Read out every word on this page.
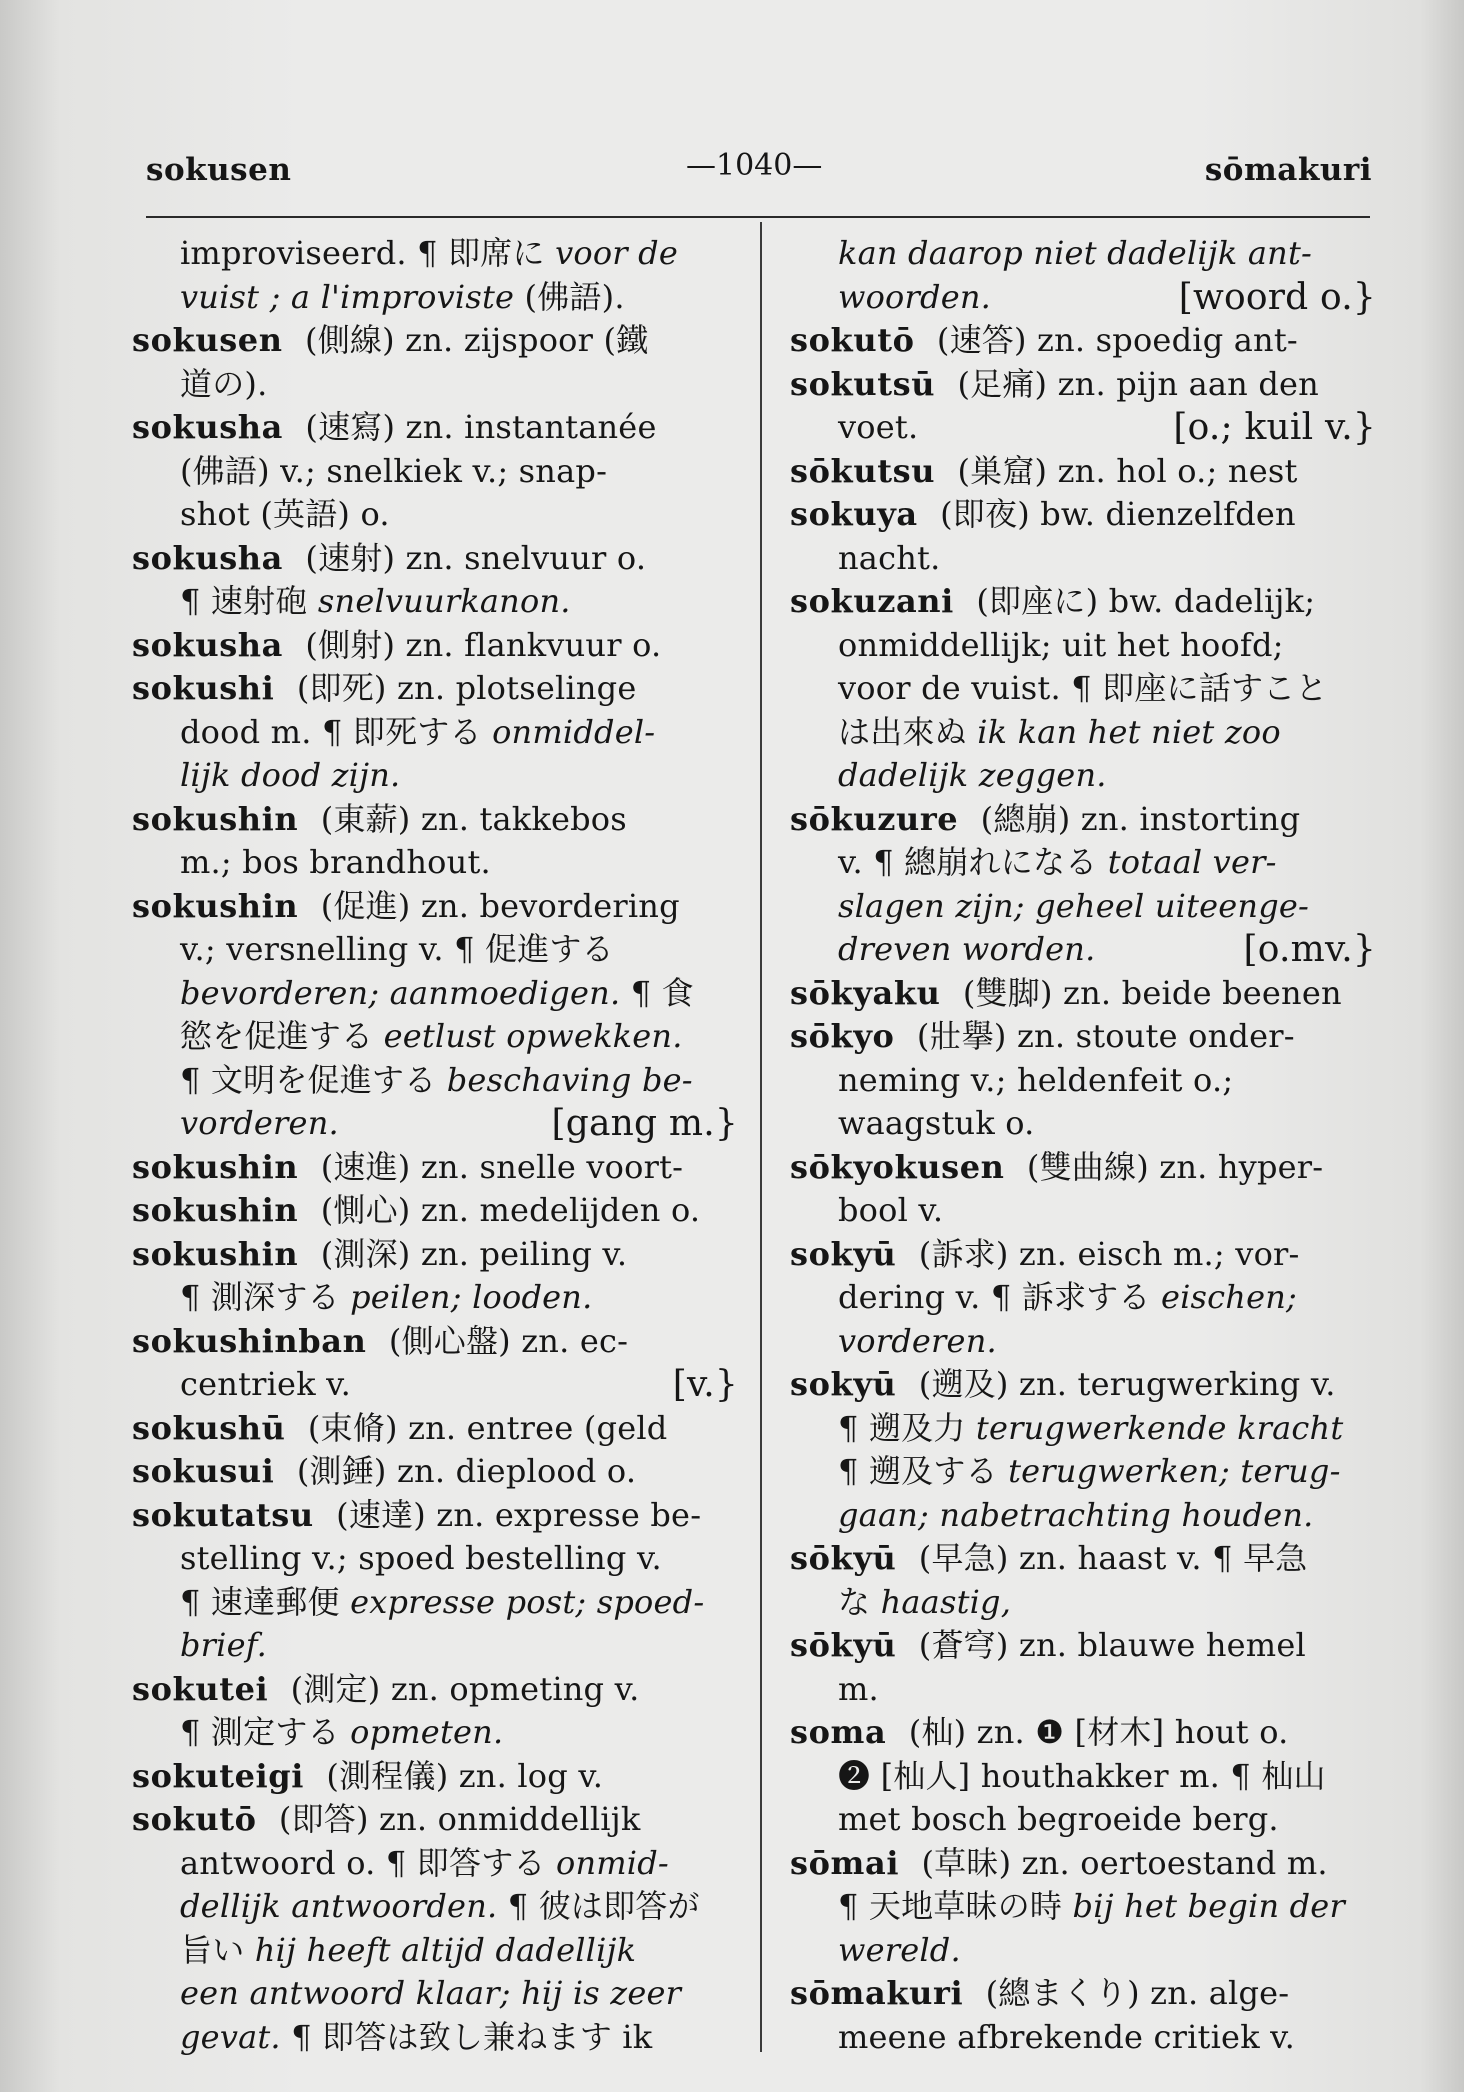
sokusen	—1040—	sōmakuri
improviseerd. ¶ 即席に voor de
vuist ; a l'improviste (佛語).
sokusen (側線) zn. zijspoor (鐵
道の).
sokusha (速寫) zn. instantanée
(佛語) v.; snelkiek v.; snap-
shot (英語) o.
sokusha (速射) zn. snelvuur o.
¶ 速射砲 snelvuurkanon.
sokusha (側射) zn. flankvuur o.
sokushi (即死) zn. plotselinge
dood m. ¶ 即死する onmiddel-
lijk dood zijn.
sokushin (東薪) zn. takkebos
m.; bos brandhout.
sokushin (促進) zn. bevordering
v.; versnelling v. ¶ 促進する
bevorderen; aanmoedigen. ¶ 食
慾を促進する eetlust opwekken.
¶ 文明を促進する beschaving be-
[gang m.}
vorderen.
sokushin (速進) zn. snelle voort-
sokushin (惻心) zn. medelijden o.
sokushin (測深) zn. peiling v.
¶ 測深する peilen; looden.
sokushinban (側心盤) zn. ec-
[v.}
centriek v.
sokushū (束脩) zn. entree (geld
sokusui (測錘) zn. dieplood o.
sokutatsu (速達) zn. expresse be-
stelling v.; spoed bestelling v.
¶ 速達郵便 expresse post; spoed-
brief.
sokutei (測定) zn. opmeting v.
¶ 測定する opmeten.
sokuteigi (測程儀) zn. log v.
sokutō (即答) zn. onmiddellijk
antwoord o. ¶ 即答する onmid-
dellijk antwoorden. ¶ 彼は即答が
旨い hij heeft altijd dadellijk
een antwoord klaar; hij is zeer
gevat. ¶ 即答は致し兼ねます ik
kan daarop niet dadelijk ant-
[woord o.}
woorden.
sokutō (速答) zn. spoedig ant-
sokutsū (足痛) zn. pijn aan den
[o.; kuil v.}
voet.
sōkutsu (巣窟) zn. hol o.; nest
sokuya (即夜) bw. dienzelfden
nacht.
sokuzani (即座に) bw. dadelijk;
onmiddellijk; uit het hoofd;
voor de vuist. ¶ 即座に話すこと
は出來ぬ ik kan het niet zoo
dadelijk zeggen.
sōkuzure (總崩) zn. instorting
v. ¶ 總崩れになる totaal ver-
slagen zijn; geheel uiteenge-
[o.mv.}
dreven worden.
sōkyaku (雙脚) zn. beide beenen
sōkyo (壯擧) zn. stoute onder-
neming v.; heldenfeit o.;
waagstuk o.
sōkyokusen (雙曲線) zn. hyper-
bool v.
sokyū (訴求) zn. eisch m.; vor-
dering v. ¶ 訴求する eischen;
vorderen.
sokyū (遡及) zn. terugwerking v.
¶ 遡及力 terugwerkende kracht
¶ 遡及する terugwerken; terug-
gaan; nabetrachting houden.
sōkyū (早急) zn. haast v. ¶ 早急
な haastig,
sōkyū (蒼穹) zn. blauwe hemel
m.
soma (杣) zn. ❶ [材木] hout o.
❷ [杣人] houthakker m. ¶ 杣山
met bosch begroeide berg.
sōmai (草昧) zn. oertoestand m.
¶ 天地草昧の時 bij het begin der
wereld.
sōmakuri (總まくり) zn. alge-
meene afbrekende critiek v.
